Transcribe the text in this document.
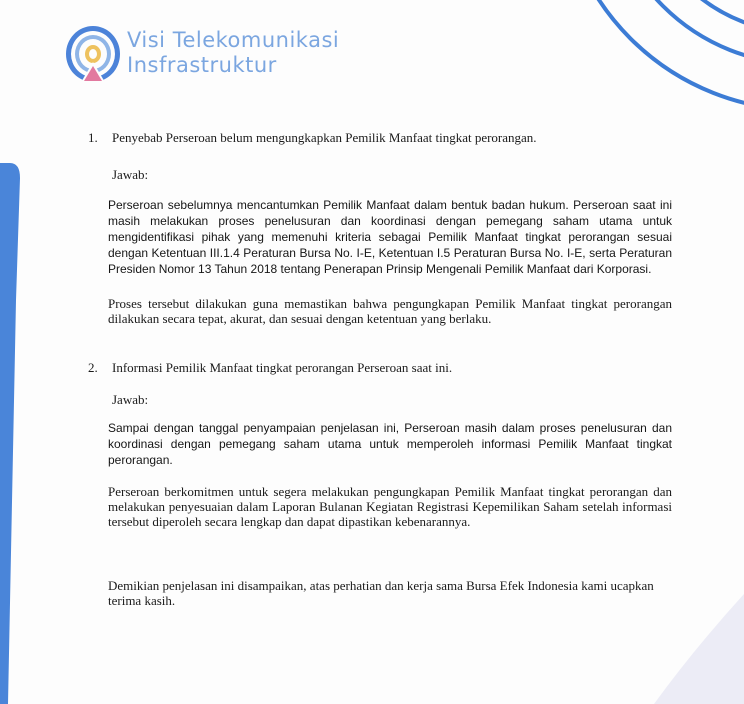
Visi Telekomunikasi
Insfrastruktur
1.	Penyebab Perseroan belum mengungkapkan Pemilik Manfaat tingkat perorangan.
Jawab:
Perseroan sebelumnya mencantumkan Pemilik Manfaat dalam bentuk badan hukum. Perseroan saat ini masih melakukan proses penelusuran dan koordinasi dengan pemegang saham utama untuk mengidentifikasi pihak yang memenuhi kriteria sebagai Pemilik Manfaat tingkat perorangan sesuai dengan Ketentuan III.1.4 Peraturan Bursa No. I-E, Ketentuan I.5 Peraturan Bursa No. I-E, serta Peraturan Presiden Nomor 13 Tahun 2018 tentang Penerapan Prinsip Mengenali Pemilik Manfaat dari Korporasi.
Proses tersebut dilakukan guna memastikan bahwa pengungkapan Pemilik Manfaat tingkat perorangan dilakukan secara tepat, akurat, dan sesuai dengan ketentuan yang berlaku.
2.	Informasi Pemilik Manfaat tingkat perorangan Perseroan saat ini.
Jawab:
Sampai dengan tanggal penyampaian penjelasan ini, Perseroan masih dalam proses penelusuran dan koordinasi dengan pemegang saham utama untuk memperoleh informasi Pemilik Manfaat tingkat perorangan.
Perseroan berkomitmen untuk segera melakukan pengungkapan Pemilik Manfaat tingkat perorangan dan melakukan penyesuaian dalam Laporan Bulanan Kegiatan Registrasi Kepemilikan Saham setelah informasi tersebut diperoleh secara lengkap dan dapat dipastikan kebenarannya.
Demikian penjelasan ini disampaikan, atas perhatian dan kerja sama Bursa Efek Indonesia kami ucapkan terima kasih.
